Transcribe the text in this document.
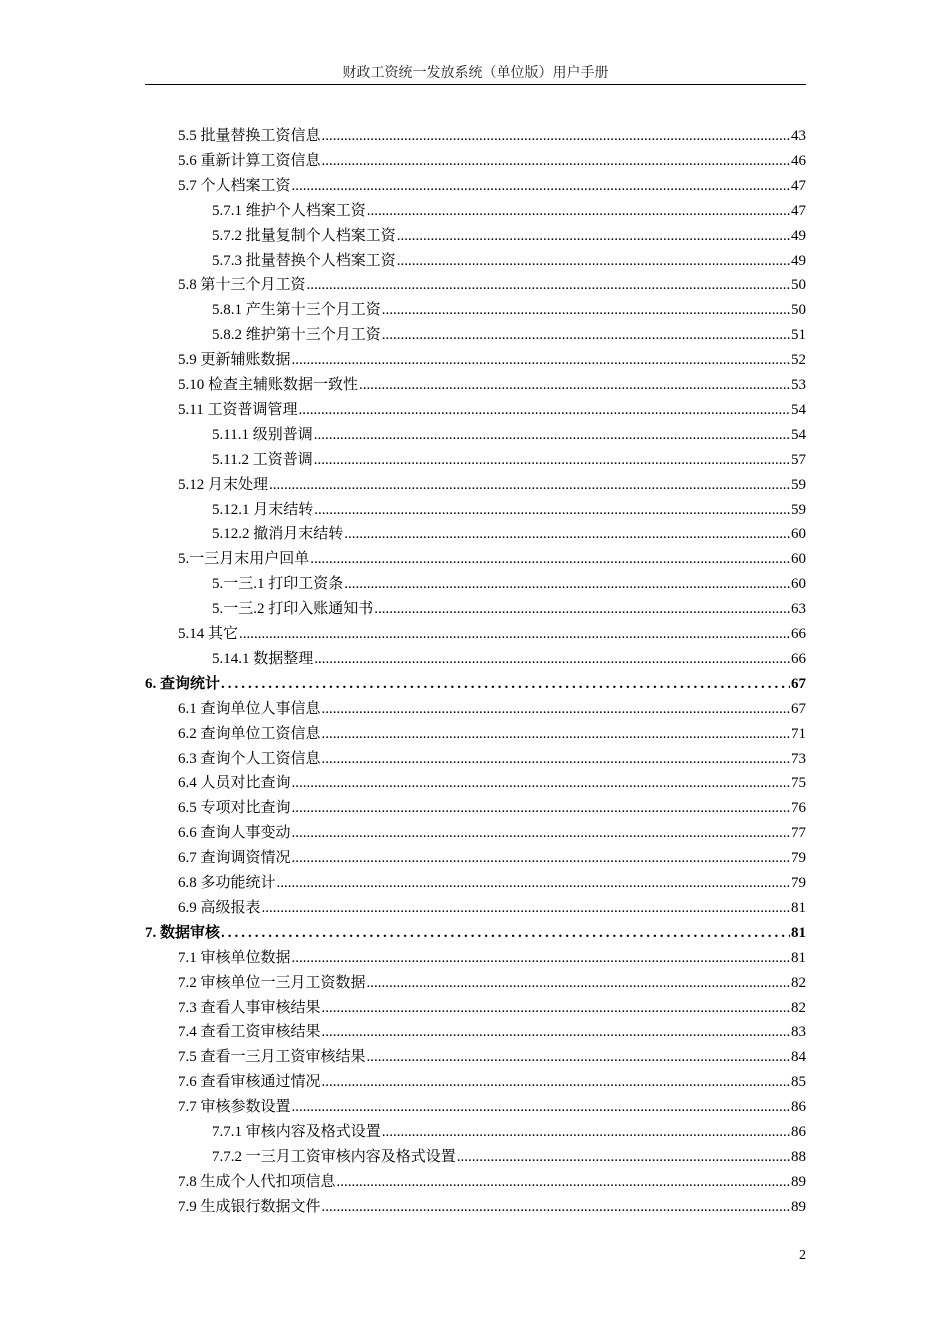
财政工资统一发放系统（单位版）用户手册
5.5 批量替换工资信息 .....	43
5.6 重新计算工资信息 .....	46
5.7 个人档案工资 .....	47
5.7.1 维护个人档案工资 .....	47
5.7.2 批量复制个人档案工资 .....	49
5.7.3 批量替换个人档案工资 .....	49
5.8 第十三个月工资 .....	50
5.8.1 产生第十三个月工资 .....	50
5.8.2 维护第十三个月工资 .....	51
5.9 更新辅账数据 .....	52
5.10 检查主辅账数据一致性 .....	53
5.11 工资普调管理 .....	54
5.11.1 级别普调 .....	54
5.11.2 工资普调 .....	57
5.12 月末处理 .....	59
5.12.1 月末结转 .....	59
5.12.2 撤消月末结转 .....	60
5.一三月末用户回单 .....	60
5.一三.1 打印工资条 .....	60
5.一三.2 打印入账通知书 .....	63
5.14 其它 .....	66
5.14.1 数据整理 .....	66
6. 查询统计 .....	67
6.1 查询单位人事信息 .....	67
6.2 查询单位工资信息 .....	71
6.3 查询个人工资信息 .....	73
6.4 人员对比查询 .....	75
6.5 专项对比查询 .....	76
6.6 查询人事变动 .....	77
6.7 查询调资情况 .....	79
6.8 多功能统计 .....	79
6.9 高级报表 .....	81
7. 数据审核 .....	81
7.1 审核单位数据 .....	81
7.2 审核单位一三月工资数据 .....	82
7.3 查看人事审核结果 .....	82
7.4 查看工资审核结果 .....	83
7.5 查看一三月工资审核结果 .....	84
7.6 查看审核通过情况 .....	85
7.7 审核参数设置 .....	86
7.7.1 审核内容及格式设置 .....	86
7.7.2 一三月工资审核内容及格式设置 .....	88
7.8 生成个人代扣项信息 .....	89
7.9 生成银行数据文件 .....	89
2
